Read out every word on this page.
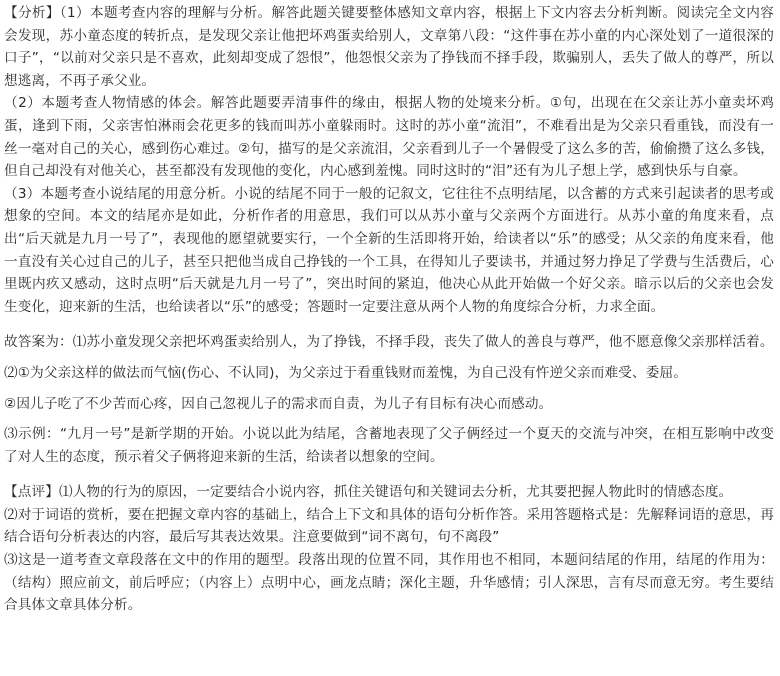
【分析】（1）本题考查内容的理解与分析。解答此题关键要整体感知文章内容，根据上下文内容去分析判断。阅读完全文内容会发现，苏小童态度的转折点，是发现父亲让他把坏鸡蛋卖给别人，文章第八段：“这件事在苏小童的内心深处划了一道很深的口子”，“以前对父亲只是不喜欢，此刻却变成了怨恨”，他怨恨父亲为了挣钱而不择手段，欺骗别人，丢失了做人的尊严，所以想逃离，不再子承父业。

（2）本题考查人物情感的体会。解答此题要弄清事件的缘由，根据人物的处境来分析。①句，出现在在父亲让苏小童卖坏鸡蛋，逢到下雨，父亲害怕淋雨会花更多的钱而叫苏小童躲雨时。这时的苏小童“流泪”，不难看出是为父亲只看重钱，而没有一丝一毫对自己的关心，感到伤心难过。②句，描写的是父亲流泪，父亲看到儿子一个暑假受了这么多的苦，偷偷攒了这么多钱，但自己却没有对他关心，甚至都没有发现他的变化，内心感到羞愧。同时这时的“泪”还有为儿子想上学，感到快乐与自豪。

（3）本题考查小说结尾的用意分析。小说的结尾不同于一般的记叙文，它往往不点明结尾，以含蓄的方式来引起读者的思考或想象的空间。本文的结尾亦是如此，分析作者的用意思，我们可以从苏小童与父亲两个方面进行。从苏小童的角度来看，点出“后天就是九月一号了”，表现他的愿望就要实行，一个全新的生活即将开始，给读者以“乐”的感受；从父亲的角度来看，他一直没有关心过自己的儿子，甚至只把他当成自己挣钱的一个工具，在得知儿子要读书，并通过努力挣足了学费与生活费后，心里既内疚又感动，这时点明“后天就是九月一号了”，突出时间的紧迫，他决心从此开始做一个好父亲。暗示以后的父亲也会发生变化，迎来新的生活，也给读者以“乐”的感受；答题时一定要注意从两个人物的角度综合分析，力求全面。

故答案为：⑴苏小童发现父亲把坏鸡蛋卖给别人，为了挣钱，不择手段，丧失了做人的善良与尊严，他不愿意像父亲那样活着。

⑵①为父亲这样的做法而气恼(伤心、不认同)，为父亲过于看重钱财而羞愧，为自己没有忤逆父亲而难受、委屈。

②因儿子吃了不少苦而心疼，因自己忽视儿子的需求而自责，为儿子有目标有决心而感动。

⑶示例：“九月一号”是新学期的开始。小说以此为结尾，含蓄地表现了父子俩经过一个夏天的交流与冲突，在相互影响中改变了对人生的态度，预示着父子俩将迎来新的生活，给读者以想象的空间。

【点评】⑴人物的行为的原因，一定要结合小说内容，抓住关键语句和关键词去分析，尤其要把握人物此时的情感态度。

⑵对于词语的赏析，要在把握文章内容的基础上，结合上下文和具体的语句分析作答。采用答题格式是：先解释词语的意思，再结合语句分析表达的内容，最后写其表达效果。注意要做到“词不离句，句不离段”

⑶这是一道考查文章段落在文中的作用的题型。段落出现的位置不同，其作用也不相同，本题问结尾的作用，结尾的作用为：（结构）照应前文，前后呼应；（内容上）点明中心，画龙点睛；深化主题，升华感情；引人深思，言有尽而意无穷。考生要结合具体文章具体分析。
